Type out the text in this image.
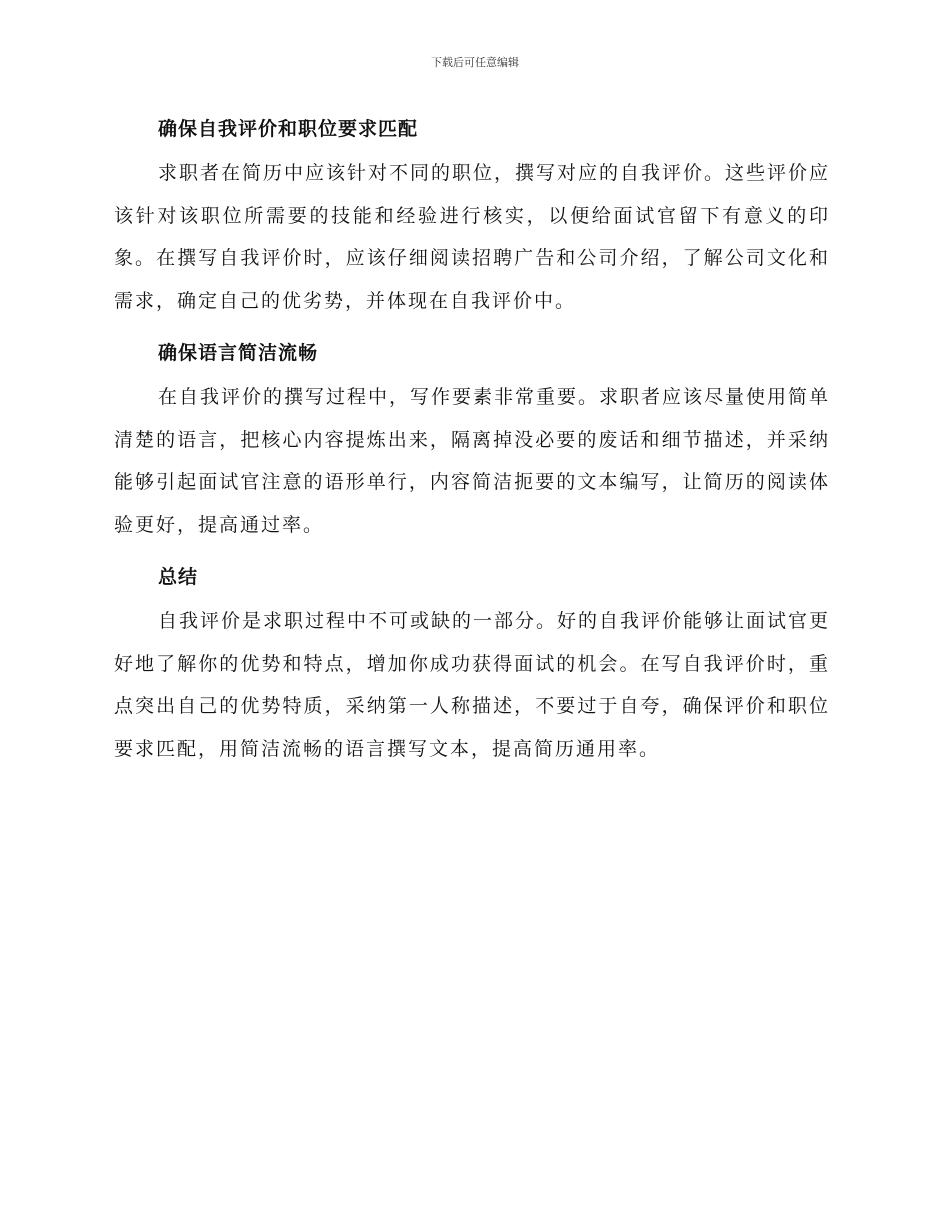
下载后可任意编辑
确保自我评价和职位要求匹配

求职者在简历中应该针对不同的职位，撰写对应的自我评价。这些评价应该针对该职位所需要的技能和经验进行核实，以便给面试官留下有意义的印象。在撰写自我评价时，应该仔细阅读招聘广告和公司介绍，了解公司文化和需求，确定自己的优劣势，并体现在自我评价中。

确保语言简洁流畅

在自我评价的撰写过程中，写作要素非常重要。求职者应该尽量使用简单清楚的语言，把核心内容提炼出来，隔离掉没必要的废话和细节描述，并采纳能够引起面试官注意的语形单行，内容简洁扼要的文本编写，让简历的阅读体验更好，提高通过率。

总结

自我评价是求职过程中不可或缺的一部分。好的自我评价能够让面试官更好地了解你的优势和特点，增加你成功获得面试的机会。在写自我评价时，重点突出自己的优势特质，采纳第一人称描述，不要过于自夸，确保评价和职位要求匹配，用简洁流畅的语言撰写文本，提高简历通用率。
